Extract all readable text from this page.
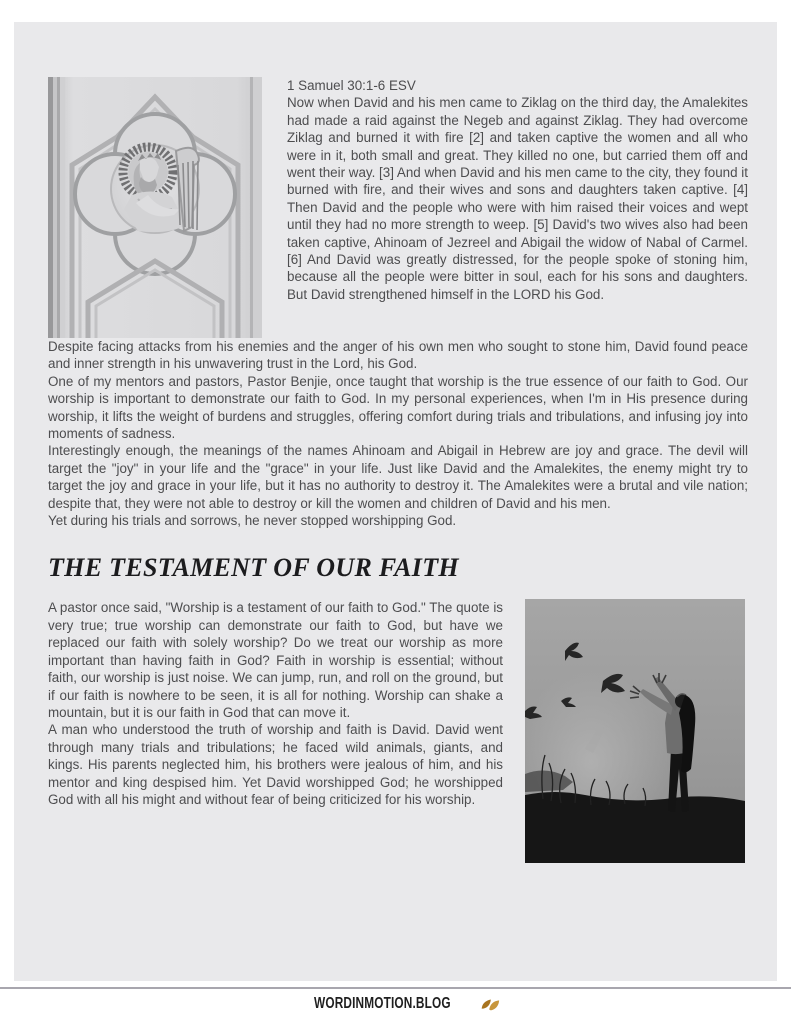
1 Samuel 30:1-6 ESV
Now when David and his men came to Ziklag on the third day, the Amalekites had made a raid against the Negeb and against Ziklag. They had overcome Ziklag and burned it with fire [2] and taken captive the women and all who were in it, both small and great. They killed no one, but carried them off and went their way. [3] And when David and his men came to the city, they found it burned with fire, and their wives and sons and daughters taken captive. [4] Then David and the people who were with him raised their voices and wept until they had no more strength to weep. [5] David's two wives also had been taken captive, Ahinoam of Jezreel and Abigail the widow of Nabal of Carmel. [6] And David was greatly distressed, for the people spoke of stoning him, because all the people were bitter in soul, each for his sons and daughters. But David strengthened himself in the LORD his God.

Despite facing attacks from his enemies and the anger of his own men who sought to stone him, David found peace and inner strength in his unwavering trust in the Lord, his God.

One of my mentors and pastors, Pastor Benjie, once taught that worship is the true essence of our faith to God. Our worship is important to demonstrate our faith to God. In my personal experiences, when I'm in His presence during worship, it lifts the weight of burdens and struggles, offering comfort during trials and tribulations, and infusing joy into moments of sadness.

Interestingly enough, the meanings of the names Ahinoam and Abigail in Hebrew are joy and grace. The devil will target the "joy" in your life and the "grace" in your life. Just like David and the Amalekites, the enemy might try to target the joy and grace in your life, but it has no authority to destroy it. The Amalekites were a brutal and vile nation; despite that, they were not able to destroy or kill the women and children of David and his men.

Yet during his trials and sorrows, he never stopped worshipping God.

THE TESTAMENT OF OUR FAITH

A pastor once said, "Worship is a testament of our faith to God." The quote is very true; true worship can demonstrate our faith to God, but have we replaced our faith with solely worship? Do we treat our worship as more important than having faith in God? Faith in worship is essential; without faith, our worship is just noise. We can jump, run, and roll on the ground, but if our faith is nowhere to be seen, it is all for nothing. Worship can shake a mountain, but it is our faith in God that can move it.

A man who understood the truth of worship and faith is David. David went through many trials and tribulations; he faced wild animals, giants, and kings. His parents neglected him, his brothers were jealous of him, and his mentor and king despised him. Yet David worshipped God; he worshipped God with all his might and without fear of being criticized for his worship.

WORDINMOTION.BLOG
